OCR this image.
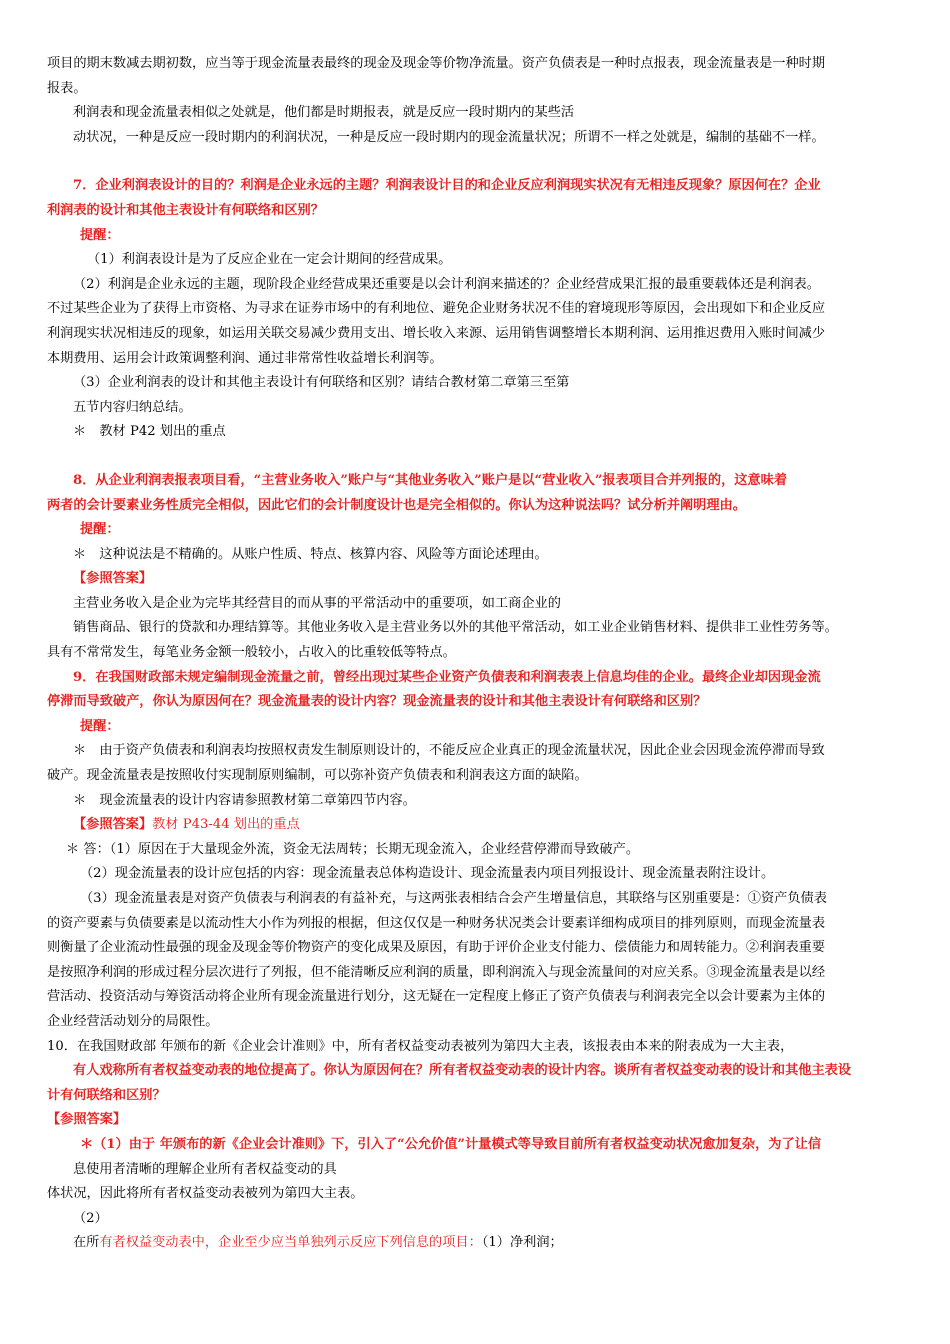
项目的期末数减去期初数，应当等于现金流量表最终的现金及现金等价物净流量。资产负债表是一种时点报表，现金流量表是一种时期
报表。
利润表和现金流量表相似之处就是，他们都是时期报表，就是反应一段时期内的某些活
动状况，一种是反应一段时期内的利润状况，一种是反应一段时期内的现金流量状况；所谓不一样之处就是，编制的基础不一样。
7．企业利润表设计的目的？利润是企业永远的主题？利润表设计目的和企业反应利润现实状况有无相违反现象？原因何在？企业
利润表的设计和其他主表设计有何联络和区别？
提醒：
（1）利润表设计是为了反应企业在一定会计期间的经营成果。
（2）利润是企业永远的主题，现阶段企业经营成果还重要是以会计利润来描述的？企业经营成果汇报的最重要载体还是利润表。
不过某些企业为了获得上市资格、为寻求在证券市场中的有利地位、避免企业财务状况不佳的窘境现形等原因，会出现如下和企业反应
利润现实状况相违反的现象，如运用关联交易减少费用支出、增长收入来源、运用销售调整增长本期利润、运用推迟费用入账时间减少
本期费用、运用会计政策调整利润、通过非常常性收益增长利润等。
（3）企业利润表的设计和其他主表设计有何联络和区别？请结合教材第二章第三至第
五节内容归纳总结。
＊　教材 P42 划出的重点
8．从企业利润表报表项目看，“主营业务收入”账户与“其他业务收入”账户是以“营业收入”报表项目合并列报的，这意味着
两者的会计要素业务性质完全相似，因此它们的会计制度设计也是完全相似的。你认为这种说法吗？试分析并阐明理由。
提醒：
＊　这种说法是不精确的。从账户性质、特点、核算内容、风险等方面论述理由。
【参照答案】
主营业务收入是企业为完毕其经营目的而从事的平常活动中的重要项，如工商企业的
销售商品、银行的贷款和办理结算等。其他业务收入是主营业务以外的其他平常活动，如工业企业销售材料、提供非工业性劳务等。
具有不常常发生，每笔业务金额一般较小，占收入的比重较低等特点。
9．在我国财政部未规定编制现金流量之前，曾经出现过某些企业资产负债表和利润表表上信息均佳的企业。最终企业却因现金流
停滞而导致破产，你认为原因何在？现金流量表的设计内容？现金流量表的设计和其他主表设计有何联络和区别？
提醒：
＊　由于资产负债表和利润表均按照权责发生制原则设计的，不能反应企业真正的现金流量状况，因此企业会因现金流停滞而导致
破产。现金流量表是按照收付实现制原则编制，可以弥补资产负债表和利润表这方面的缺陷。
＊　现金流量表的设计内容请参照教材第二章第四节内容。
【参照答案】教材 P43-44 划出的重点
＊ 答：（1）原因在于大量现金外流，资金无法周转；长期无现金流入，企业经营停滞而导致破产。
（2）现金流量表的设计应包括的内容：现金流量表总体构造设计、现金流量表内项目列报设计、现金流量表附注设计。
（3）现金流量表是对资产负债表与利润表的有益补充，与这两张表相结合会产生增量信息，其联络与区别重要是：①资产负债表
的资产要素与负债要素是以流动性大小作为列报的根据，但这仅仅是一种财务状况类会计要素详细构成项目的排列原则，而现金流量表
则衡量了企业流动性最强的现金及现金等价物资产的变化成果及原因，有助于评价企业支付能力、偿债能力和周转能力。②利润表重要
是按照净利润的形成过程分层次进行了列报，但不能清晰反应利润的质量，即利润流入与现金流量间的对应关系。③现金流量表是以经
营活动、投资活动与筹资活动将企业所有现金流量进行划分，这无疑在一定程度上修正了资产负债表与利润表完全以会计要素为主体的
企业经营活动划分的局限性。
10．在我国财政部 年颁布的新《企业会计准则》中，所有者权益变动表被列为第四大主表，该报表由本来的附表成为一大主表，
有人戏称所有者权益变动表的地位提高了。你认为原因何在？所有者权益变动表的设计内容。谈所有者权益变动表的设计和其他主表设
计有何联络和区别？
【参照答案】
＊（1）由于 年颁布的新《企业会计准则》下，引入了“公允价值”计量模式等导致目前所有者权益变动状况愈加复杂，为了让信
息使用者清晰的理解企业所有者权益变动的具
体状况，因此将所有者权益变动表被列为第四大主表。
（2）
在所有者权益变动表中，企业至少应当单独列示反应下列信息的项目：（1）净利润；
